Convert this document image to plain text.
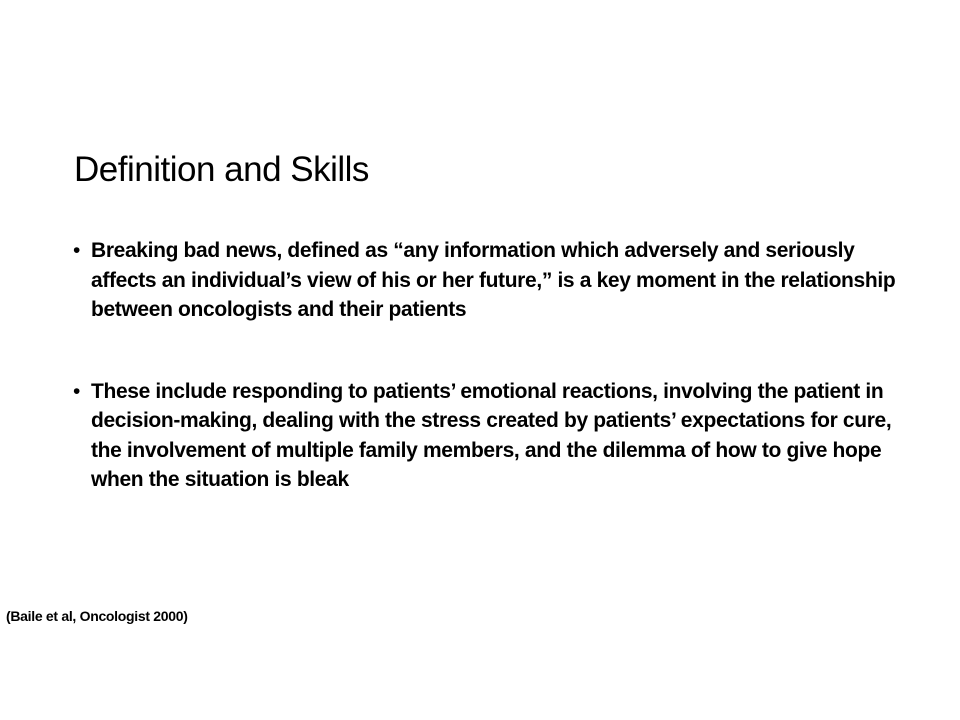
Definition and Skills
• Breaking bad news, defined as “any information which adversely and seriously affects an individual’s view of his or her future,” is a key moment in the relationship between oncologists and their patients
• These include responding to patients’ emotional reactions, involving the patient in decision-making, dealing with the stress created by patients’ expectations for cure, the involvement of multiple family members, and the dilemma of how to give hope when the situation is bleak
(Baile et al, Oncologist 2000)
